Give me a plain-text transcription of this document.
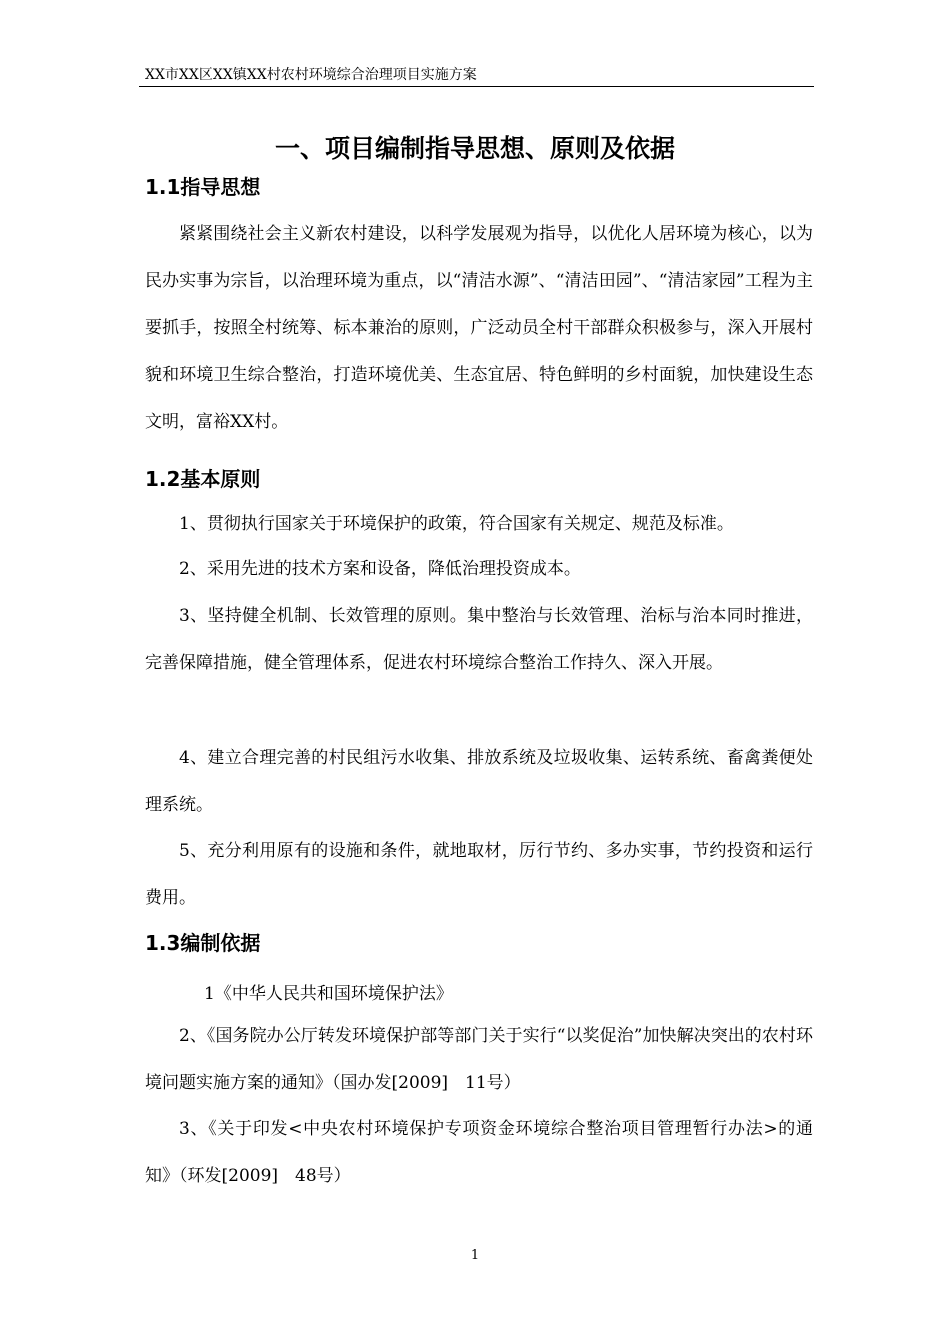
XX市XX区XX镇XX村农村环境综合治理项目实施方案
一、项目编制指导思想、原则及依据
1.1指导思想
紧紧围绕社会主义新农村建设，以科学发展观为指导，以优化人居环境为核心，以为民办实事为宗旨，以治理环境为重点，以“清洁水源”、“清洁田园”、“清洁家园”工程为主要抓手，按照全村统筹、标本兼治的原则，广泛动员全村干部群众积极参与，深入开展村貌和环境卫生综合整治，打造环境优美、生态宜居、特色鲜明的乡村面貌，加快建设生态文明，富裕XX村。
1.2基本原则
1、贯彻执行国家关于环境保护的政策，符合国家有关规定、规范及标准。
2、采用先进的技术方案和设备，降低治理投资成本。
3、坚持健全机制、长效管理的原则。集中整治与长效管理、治标与治本同时推进，完善保障措施，健全管理体系，促进农村环境综合整治工作持久、深入开展。
4、建立合理完善的村民组污水收集、排放系统及垃圾收集、运转系统、畜禽粪便处理系统。
5、充分利用原有的设施和条件，就地取材，厉行节约、多办实事，节约投资和运行费用。
1.3编制依据
1《中华人民共和国环境保护法》
2、《国务院办公厅转发环境保护部等部门关于实行“以奖促治”加快解决突出的农村环境问题实施方案的通知》（国办发[2009]　11号）
3、《关于印发<中央农村环境保护专项资金环境综合整治项目管理暂行办法>的通知》（环发[2009]　48号）
1
